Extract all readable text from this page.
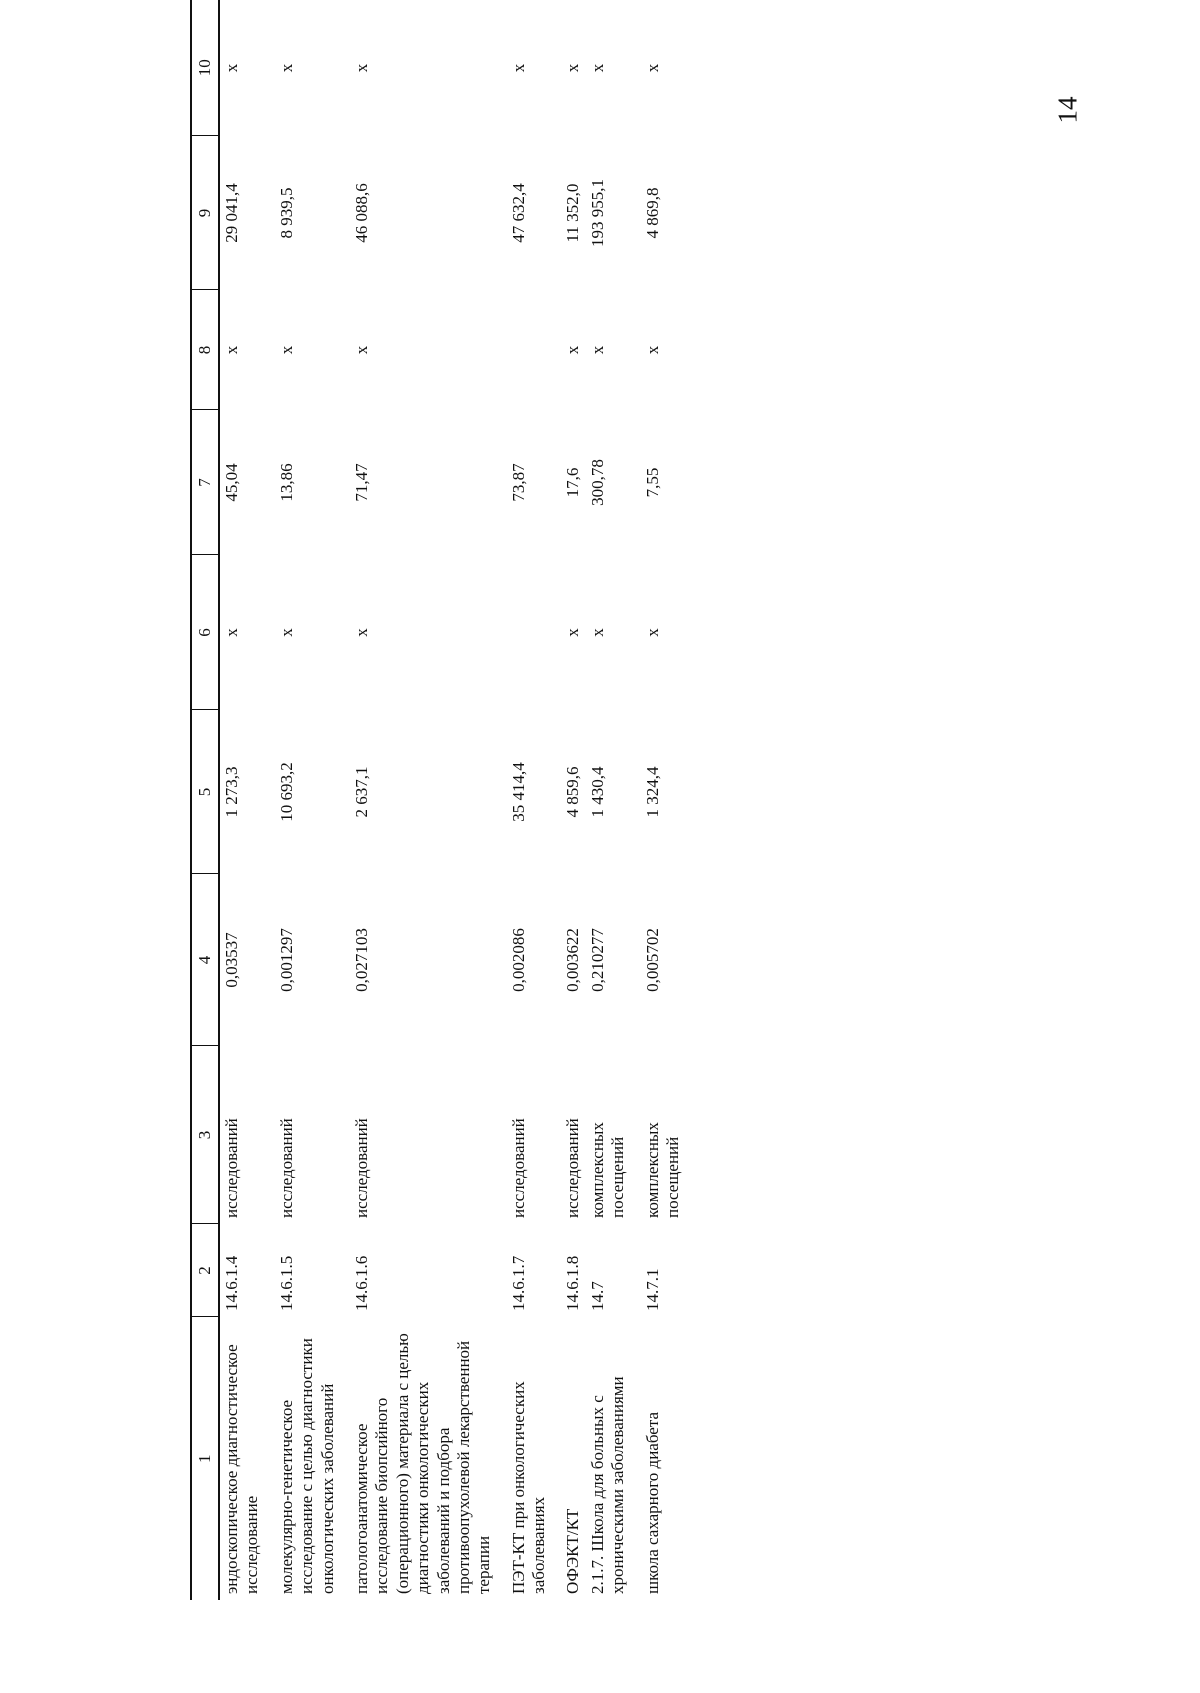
14
1	2	3	4	5	6	7	8	9	10
эндоскопическое диагностическое исследование	14.6.1.4	исследований	0,03537	1 273,3	x	45,04	x	29 041,4	x
молекулярно-генетическое исследование с целью диагностики онкологических заболеваний	14.6.1.5	исследований	0,001297	10 693,2	x	13,86	x	8 939,5	x
патологоанатомическое исследование биопсийного (операционного) материала с целью диагностики онкологических заболеваний и подбора противоопухолевой лекарственной терапии	14.6.1.6	исследований	0,027103	2 637,1	x	71,47	x	46 088,6	x
ПЭТ-КТ при онкологических заболеваниях	14.6.1.7	исследований	0,002086	35 414,4		73,87		47 632,4	x
ОФЭКТ/КТ	14.6.1.8	исследований	0,003622	4 859,6	x	17,6	x	11 352,0	x
2.1.7. Школа для больных с хроническими заболеваниями	14.7	комплексных посещений	0,210277	1 430,4	x	300,78	x	193 955,1	x
школа сахарного диабета	14.7.1	комплексных посещений	0,005702	1 324,4	x	7,55	x	4 869,8	x
